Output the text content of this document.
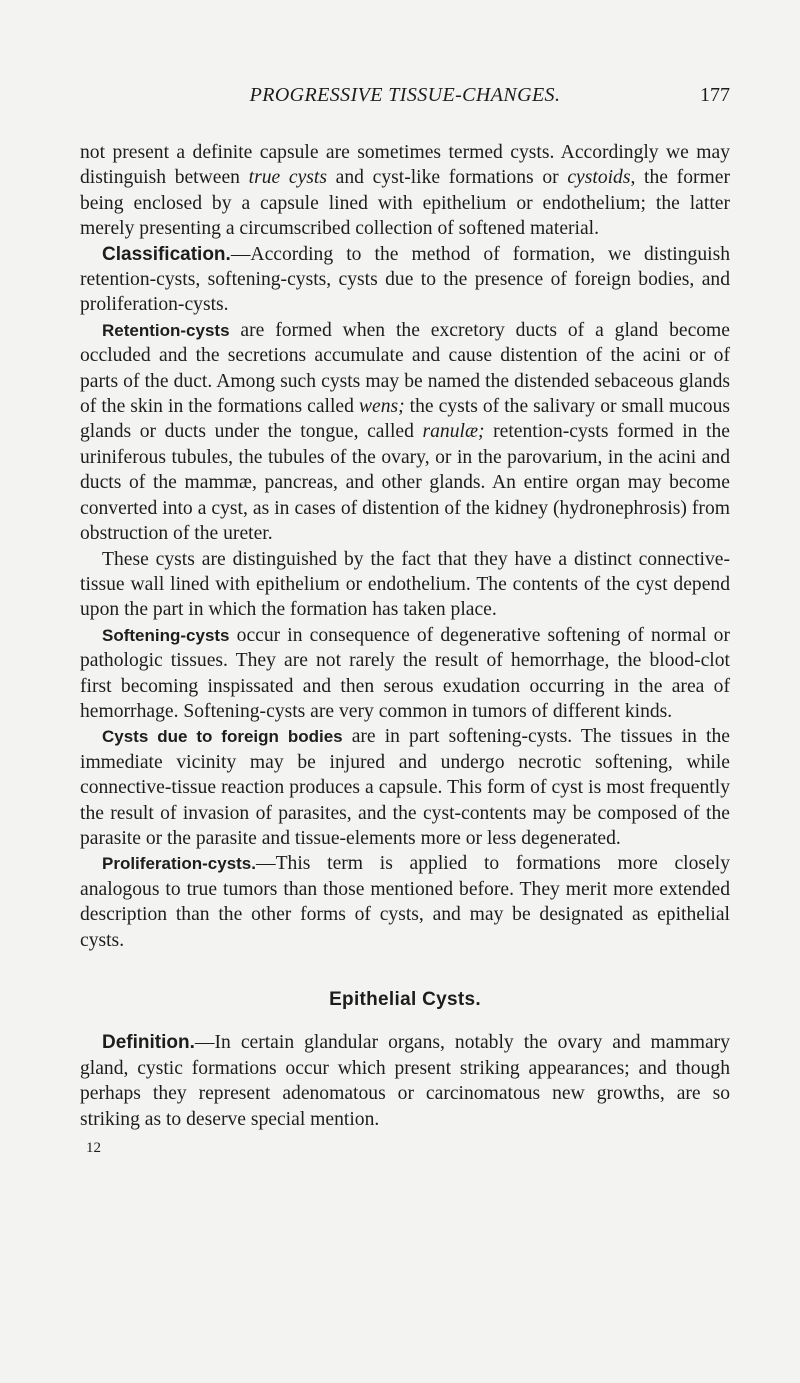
PROGRESSIVE TISSUE-CHANGES.	177

not present a definite capsule are sometimes termed cysts. Accordingly we may distinguish between true cysts and cyst-like formations or cystoids, the former being enclosed by a capsule lined with epithelium or endothelium; the latter merely presenting a circumscribed collection of softened material.

Classification.—According to the method of formation, we distinguish retention-cysts, softening-cysts, cysts due to the presence of foreign bodies, and proliferation-cysts.

Retention-cysts are formed when the excretory ducts of a gland become occluded and the secretions accumulate and cause distention of the acini or of parts of the duct. Among such cysts may be named the distended sebaceous glands of the skin in the formations called wens; the cysts of the salivary or small mucous glands or ducts under the tongue, called ranulæ; retention-cysts formed in the uriniferous tubules, the tubules of the ovary, or in the parovarium, in the acini and ducts of the mammæ, pancreas, and other glands. An entire organ may become converted into a cyst, as in cases of distention of the kidney (hydronephrosis) from obstruction of the ureter.

These cysts are distinguished by the fact that they have a distinct connective-tissue wall lined with epithelium or endothelium. The contents of the cyst depend upon the part in which the formation has taken place.

Softening-cysts occur in consequence of degenerative softening of normal or pathologic tissues. They are not rarely the result of hemorrhage, the blood-clot first becoming inspissated and then serous exudation occurring in the area of hemorrhage. Softening-cysts are very common in tumors of different kinds.

Cysts due to foreign bodies are in part softening-cysts. The tissues in the immediate vicinity may be injured and undergo necrotic softening, while connective-tissue reaction produces a capsule. This form of cyst is most frequently the result of invasion of parasites, and the cyst-contents may be composed of the parasite or the parasite and tissue-elements more or less degenerated.

Proliferation-cysts.—This term is applied to formations more closely analogous to true tumors than those mentioned before. They merit more extended description than the other forms of cysts, and may be designated as epithelial cysts.

Epithelial Cysts.

Definition.—In certain glandular organs, notably the ovary and mammary gland, cystic formations occur which present striking appearances; and though perhaps they represent adenomatous or carcinomatous new growths, are so striking as to deserve special mention.

12
